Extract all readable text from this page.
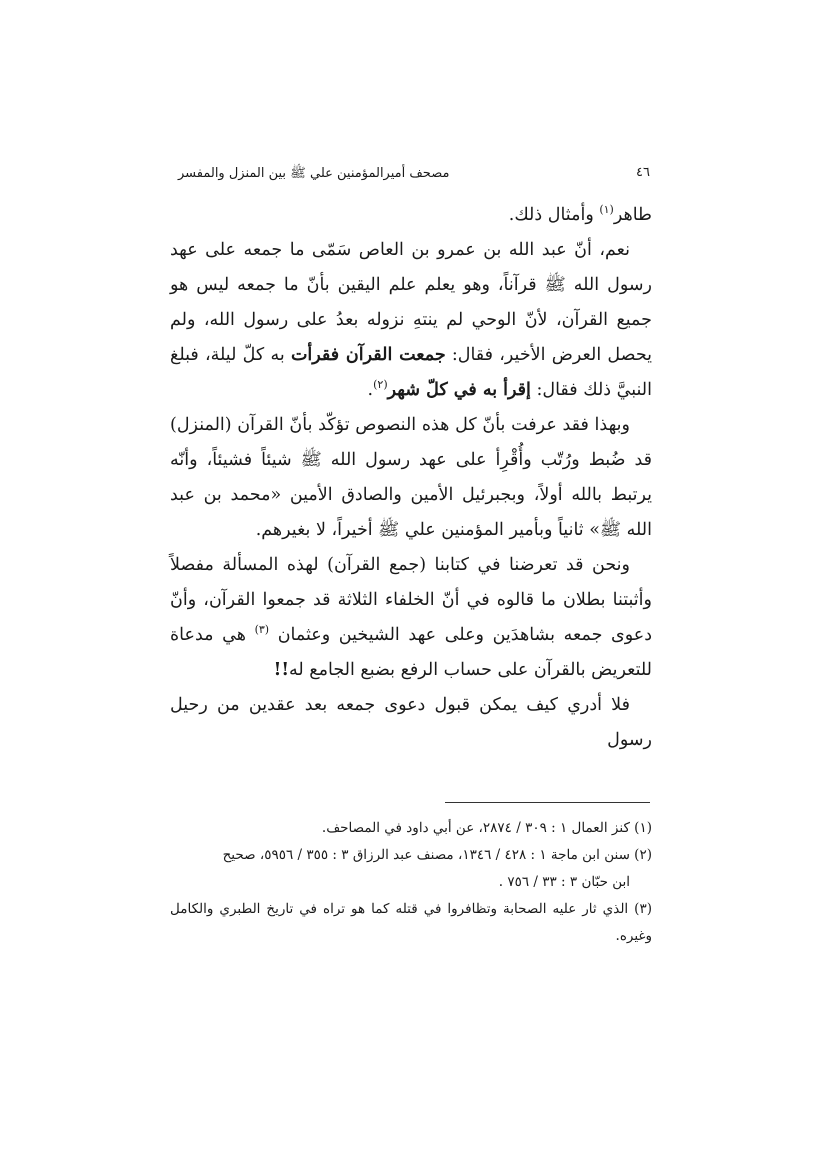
٤٦
مصحف أميرالمؤمنين علي ﷺ بين المنزل والمفسر

طاهر$^{(١)}$ وأمثال ذلك.

نعم، أنّ عبد الله بن عمرو بن العاص سَمّى ما جمعه على عهد رسول الله ﷺ قرآناً، وهو يعلم علم اليقين بأنّ ما جمعه ليس هو جميع القرآن، لأنّ الوحي لم ينتهِ نزوله بعدُ على رسول الله، ولم يحصل العرض الأخير، فقال: جمعت القرآن فقرأت به كلّ ليلة، فبلغ النبيَّ ذلك فقال: إقرأ به في كلّ شهر$^{(٢)}$.

وبهذا فقد عرفت بأنّ كل هذه النصوص تؤكّد بأنّ القرآن (المنزل) قد ضُبط ورُتّب وأُقْرِأ على عهد رسول الله ﷺ شيئاً فشيئاً، وأنّه يرتبط بالله أولاً، وبجبرئيل الأمين والصادق الأمين «محمد بن عبد الله ﷺ» ثانياً وبأمير المؤمنين علي ﷺ أخيراً، لا بغيرهم.

ونحن قد تعرضنا في كتابنا (جمع القرآن) لهذه المسألة مفصلاً وأثبتنا بطلان ما قالوه في أنّ الخلفاء الثلاثة قد جمعوا القرآن، وأنّ دعوى جمعه بشاهدَين وعلى عهد الشيخين وعثمان $^{(٣)}$ هي مدعاة للتعريض بالقرآن على حساب الرفع بضبع الجامع له!!

فلا أدري كيف يمكن قبول دعوى جمعه بعد عقدين من رحيل رسول

(١) كنز العمال ١ : ٣٠٩ / ٢٨٧٤، عن أبي داود في المصاحف.

(٢) سنن ابن ماجة ١ : ٤٢٨ / ١٣٤٦، مصنف عبد الرزاق ٣ : ٣٥٥ / ٥٩٥٦، صحيح

ابن حبّان ٣ : ٣٣ / ٧٥٦ .

(٣) الذي ثار عليه الصحابة وتظافروا في قتله كما هو تراه في تاريخ الطبري والكامل وغيره.
